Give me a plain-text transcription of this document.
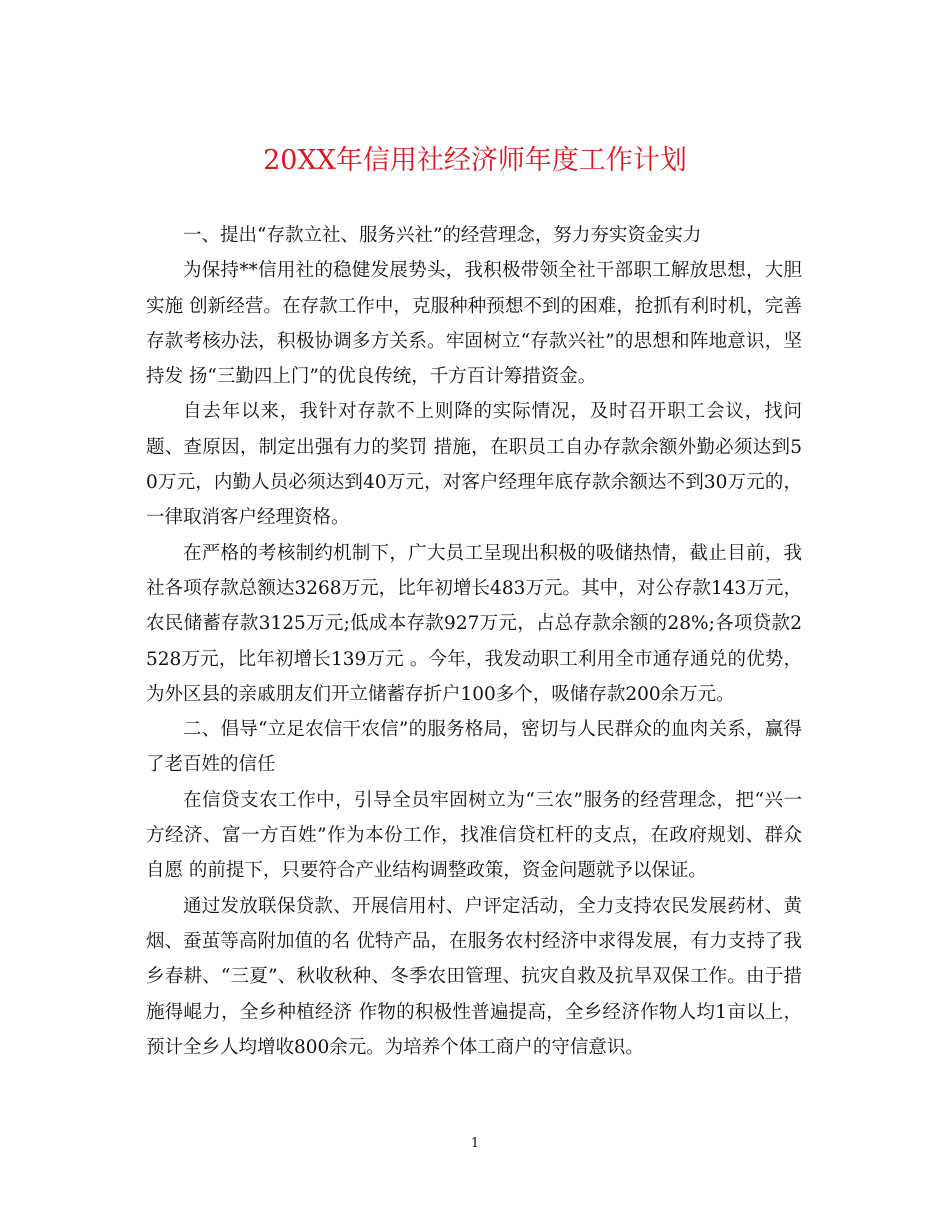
20XX年信用社经济师年度工作计划

一、提出“存款立社、服务兴社”的经营理念，努力夯实资金实力

为保持**信用社的稳健发展势头，我积极带领全社干部职工解放思想，大胆实施 创新经营。在存款工作中，克服种种预想不到的困难，抢抓有利时机，完善存款考核办法，积极协调多方关系。牢固树立“存款兴社”的思想和阵地意识，坚持发 扬“三勤四上门”的优良传统，千方百计筹措资金。

自去年以来，我针对存款不上则降的实际情况，及时召开职工会议，找问题、查原因，制定出强有力的奖罚 措施，在职员工自办存款余额外勤必须达到50万元，内勤人员必须达到40万元，对客户经理年底存款余额达不到30万元的，一律取消客户经理资格。

在严格的考核制约机制下，广大员工呈现出积极的吸储热情，截止目前，我社各项存款总额达3268万元，比年初增长483万元。其中，对公存款143万元，农民储蓄存款3125万元;低成本存款927万元，占总存款余额的28%;各项贷款2528万元，比年初增长139万元 。今年，我发动职工利用全市通存通兑的优势，为外区县的亲戚朋友们开立储蓄存折户100多个，吸储存款200余万元。

二、倡导“立足农信干农信”的服务格局，密切与人民群众的血肉关系，赢得了老百姓的信任

在信贷支农工作中，引导全员牢固树立为“三农”服务的经营理念，把“兴一方经济、富一方百姓”作为本份工作，找准信贷杠杆的支点，在政府规划、群众自愿 的前提下，只要符合产业结构调整政策，资金问题就予以保证。

通过发放联保贷款、开展信用村、户评定活动，全力支持农民发展药材、黄烟、蚕茧等高附加值的名 优特产品，在服务农村经济中求得发展，有力支持了我乡春耕、“三夏”、秋收秋种、冬季农田管理、抗灾自救及抗旱双保工作。由于措施得崐力，全乡种植经济 作物的积极性普遍提高，全乡经济作物人均1亩以上，预计全乡人均增收800余元。为培养个体工商户的守信意识。

1
